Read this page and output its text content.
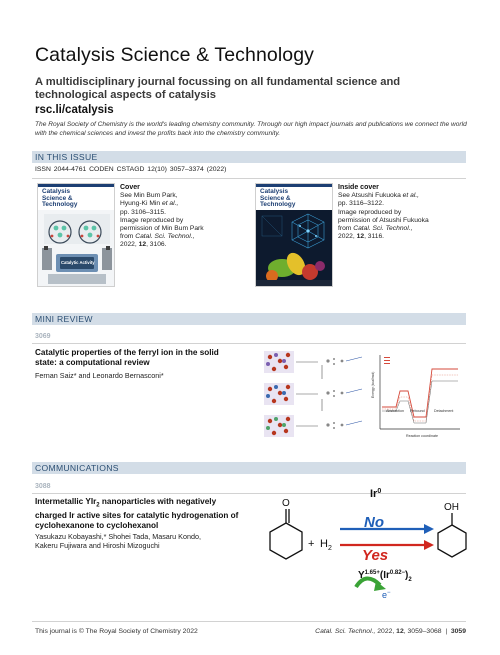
Catalysis Science & Technology
A multidisciplinary journal focussing on all fundamental science and technological aspects of catalysis
rsc.li/catalysis
The Royal Society of Chemistry is the world's leading chemistry community. Through our high impact journals and publications we connect the world with the chemical sciences and invest the profits back into the chemistry community.
IN THIS ISSUE
ISSN 2044-4761 CODEN CSTAGD 12(10) 3057–3374 (2022)
Catalysis
Science &
Technology
Catalytic Activity
Cover
See Min Bum Park,
Hyung-Ki Min et al.,
pp. 3106–3115.
Image reproduced by
permission of Min Bum Park
from Catal. Sci. Technol.,
2022, 12, 3106.
Catalysis
Science &
Technology
Inside cover
See Atsushi Fukuoka et al.,
pp. 3116–3122.
Image reproduced by
permission of Atsushi Fukuoka
from Catal. Sci. Technol.,
2022, 12, 3116.
MINI REVIEW
3069
Catalytic properties of the ferryl ion in the solid
state: a computational review
Fernan Saiz* and Leonardo Bernasconi*	Energy (kcal/mol)
Abstraction Rebound	Detachment
Reaction coordinate
COMMUNICATIONS
3088
Intermetallic YIr$_2$ nanoparticles with negatively
charged Ir active sites for catalytic hydrogenation of
cyclohexanone to cyclohexanol
Yasukazu Kobayashi,* Shohei Tada, Masaru Kondo,
Kakeru Fujiwara and Hiroshi Mizoguchi
O
+ $H_2$
Ir$^0$
No
Yes
OH
$Y^{1.65+}(Ir^{0.82-})_2$
e−
This journal is © The Royal Society of Chemistry 2022	Catal. Sci. Technol., 2022, 12, 3059–3068  |  3059
